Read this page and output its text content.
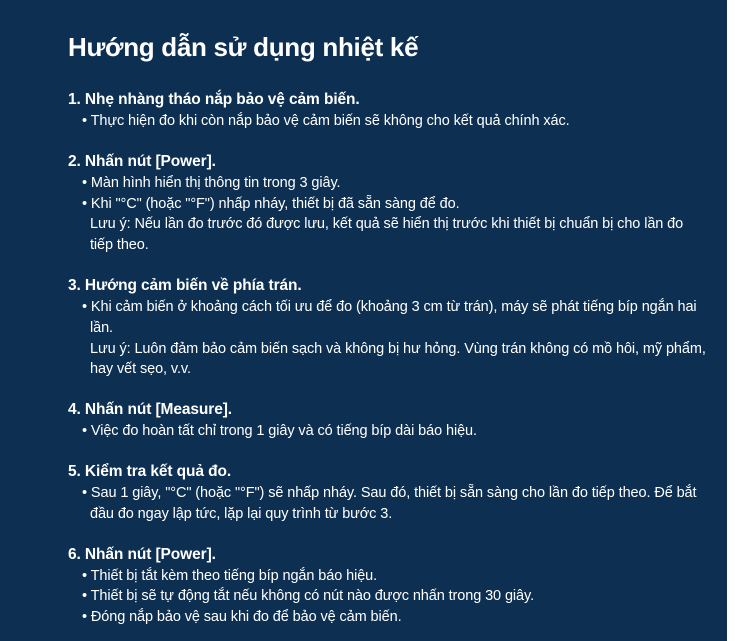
Hướng dẫn sử dụng nhiệt kế
1. Nhẹ nhàng tháo nắp bảo vệ cảm biến.
• Thực hiện đo khi còn nắp bảo vệ cảm biến sẽ không cho kết quả chính xác.
2. Nhấn nút [Power].
• Màn hình hiển thị thông tin trong 3 giây.
• Khi "°C" (hoặc "°F") nhấp nháy, thiết bị đã sẵn sàng để đo.
Lưu ý: Nếu lần đo trước đó được lưu, kết quả sẽ hiển thị trước khi thiết bị chuẩn bị cho lần đo tiếp theo.
3. Hướng cảm biến về phía trán.
• Khi cảm biến ở khoảng cách tối ưu để đo (khoảng 3 cm từ trán), máy sẽ phát tiếng bíp ngắn hai lần.
Lưu ý: Luôn đảm bảo cảm biến sạch và không bị hư hỏng. Vùng trán không có mồ hôi, mỹ phẩm, hay vết sẹo, v.v.
4. Nhấn nút [Measure].
• Việc đo hoàn tất chỉ trong 1 giây và có tiếng bíp dài báo hiệu.
5. Kiểm tra kết quả đo.
• Sau 1 giây, "°C" (hoặc "°F") sẽ nhấp nháy. Sau đó, thiết bị sẵn sàng cho lần đo tiếp theo. Để bắt đầu đo ngay lập tức, lặp lại quy trình từ bước 3.
6. Nhấn nút [Power].
• Thiết bị tắt kèm theo tiếng bíp ngắn báo hiệu.
• Thiết bị sẽ tự động tắt nếu không có nút nào được nhấn trong 30 giây.
• Đóng nắp bảo vệ sau khi đo để bảo vệ cảm biến.
